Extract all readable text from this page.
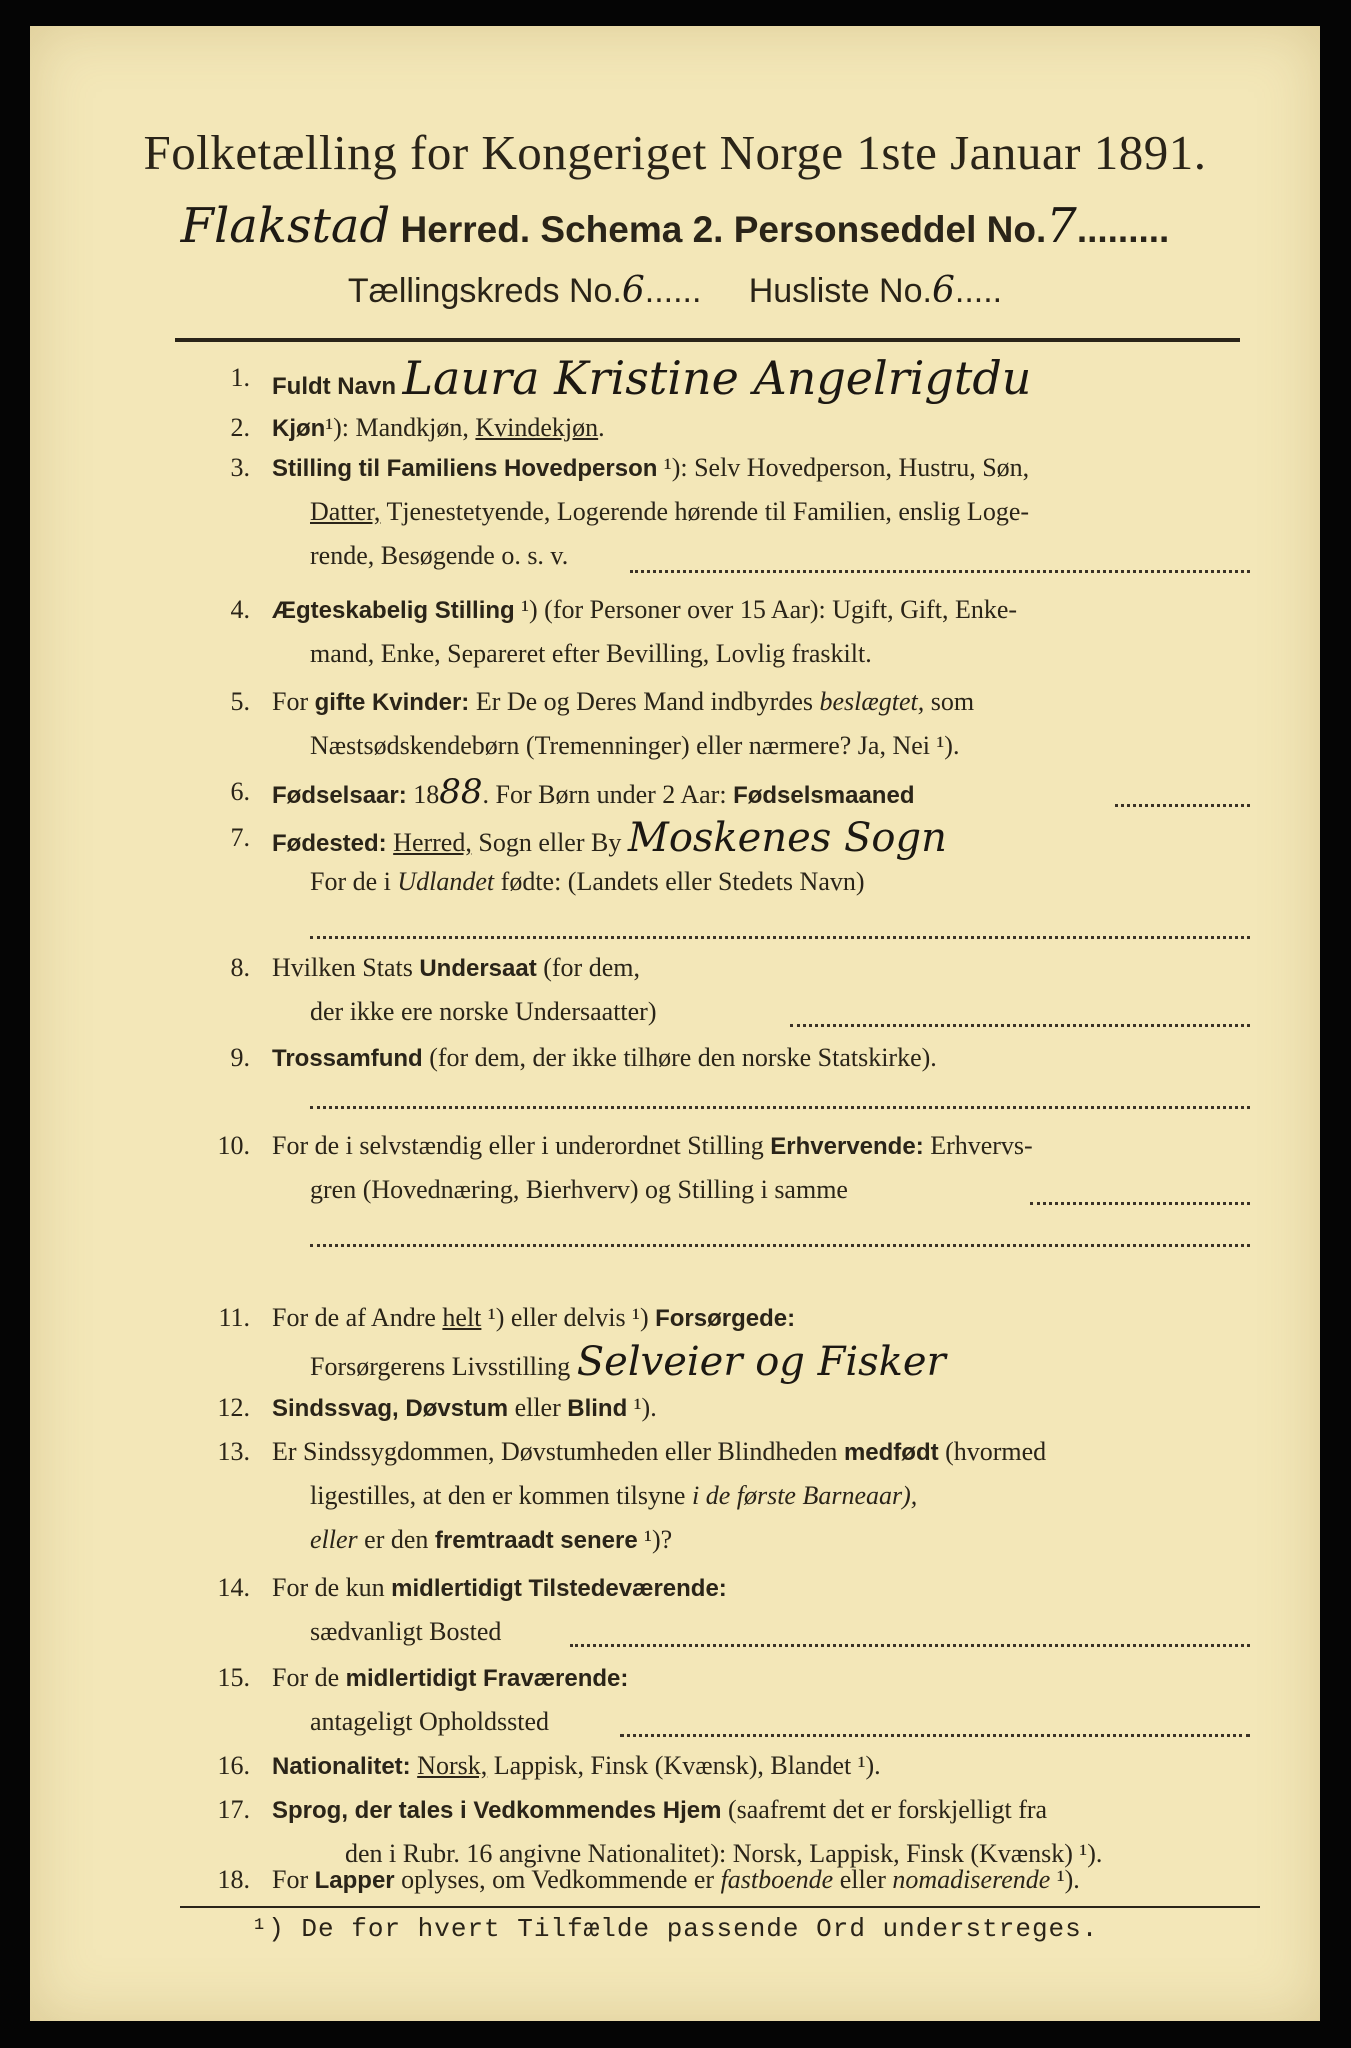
Folketælling for Kongeriget Norge 1ste Januar 1891.
Flakstad Herred. Schema 2. Personseddel No.7.........
Tællingskreds No.6...... Husliste No.6.....
1. Fuldt Navn Laura Kristine Angelrigtdu
2. Kjøn¹): Mandkjøn, Kvindekjøn.
3. Stilling til Familiens Hovedperson ¹): Selv Hovedperson, Hustru, Søn,
Datter, Tjenestetyende, Logerende hørende til Familien, enslig Loge-
rende, Besøgende o. s. v.
4. Ægteskabelig Stilling ¹) (for Personer over 15 Aar): Ugift, Gift, Enke-
mand, Enke, Separeret efter Bevilling, Lovlig fraskilt.
5. For gifte Kvinder: Er De og Deres Mand indbyrdes beslægtet, som
Næstsødskendebørn (Tremenninger) eller nærmere? Ja, Nei ¹).
6. Fødselsaar: 1888. For Børn under 2 Aar: Fødselsmaaned
7. Fødested: Herred, Sogn eller By Moskenes Sogn
For de i Udlandet fødte: (Landets eller Stedets Navn)
8. Hvilken Stats Undersaat (for dem,
der ikke ere norske Undersaatter)
9. Trossamfund (for dem, der ikke tilhøre den norske Statskirke).
10. For de i selvstændig eller i underordnet Stilling Erhvervende: Erhvervs-
gren (Hovednæring, Bierhverv) og Stilling i samme
11. For de af Andre helt ¹) eller delvis ¹) Forsørgede:
Forsørgerens Livsstilling Selveier og Fisker
12. Sindssvag, Døvstum eller Blind ¹).
13. Er Sindssygdommen, Døvstumheden eller Blindheden medfødt (hvormed
ligestilles, at den er kommen tilsyne i de første Barneaar),
eller er den fremtraadt senere ¹)?
14. For de kun midlertidigt Tilstedeværende:
sædvanligt Bosted
15. For de midlertidigt Fraværende:
antageligt Opholdssted
16. Nationalitet: Norsk, Lappisk, Finsk (Kvænsk), Blandet ¹).
17. Sprog, der tales i Vedkommendes Hjem (saafremt det er forskjelligt fra
den i Rubr. 16 angivne Nationalitet): Norsk, Lappisk, Finsk (Kvænsk) ¹).
18. For Lapper oplyses, om Vedkommende er fastboende eller nomadiserende ¹).
¹) De for hvert Tilfælde passende Ord understreges.
